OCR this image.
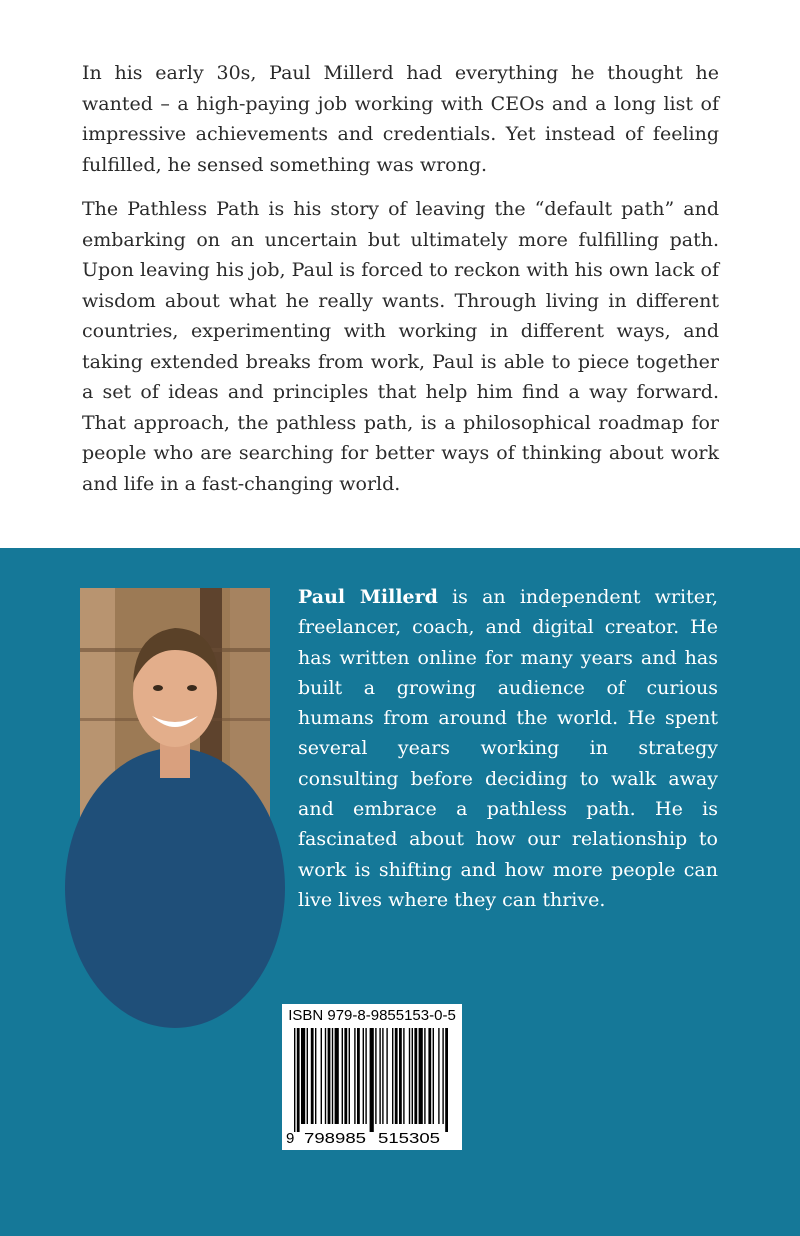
In his early 30s, Paul Millerd had everything he thought he wanted – a high-paying job working with CEOs and a long list of impressive achievements and credentials. Yet instead of feeling fulfilled, he sensed something was wrong.

The Pathless Path is his story of leaving the “default path” and embarking on an uncertain but ultimately more fulfilling path. Upon leaving his job, Paul is forced to reckon with his own lack of wisdom about what he really wants. Through living in different countries, experimenting with working in different ways, and taking extended breaks from work, Paul is able to piece together a set of ideas and principles that help him find a way forward. That approach, the pathless path, is a philosophical roadmap for people who are searching for better ways of thinking about work and life in a fast-changing world.

Paul Millerd is an independent writer, freelancer, coach, and digital creator. He has written online for many years and has built a growing audience of curious humans from around the world. He spent several years working in strategy consulting before deciding to walk away and embrace a pathless path. He is fascinated about how our relationship to work is shifting and how more people can live lives where they can thrive.

ISBN 979-8-9855153-0-5
9 798985 515305
